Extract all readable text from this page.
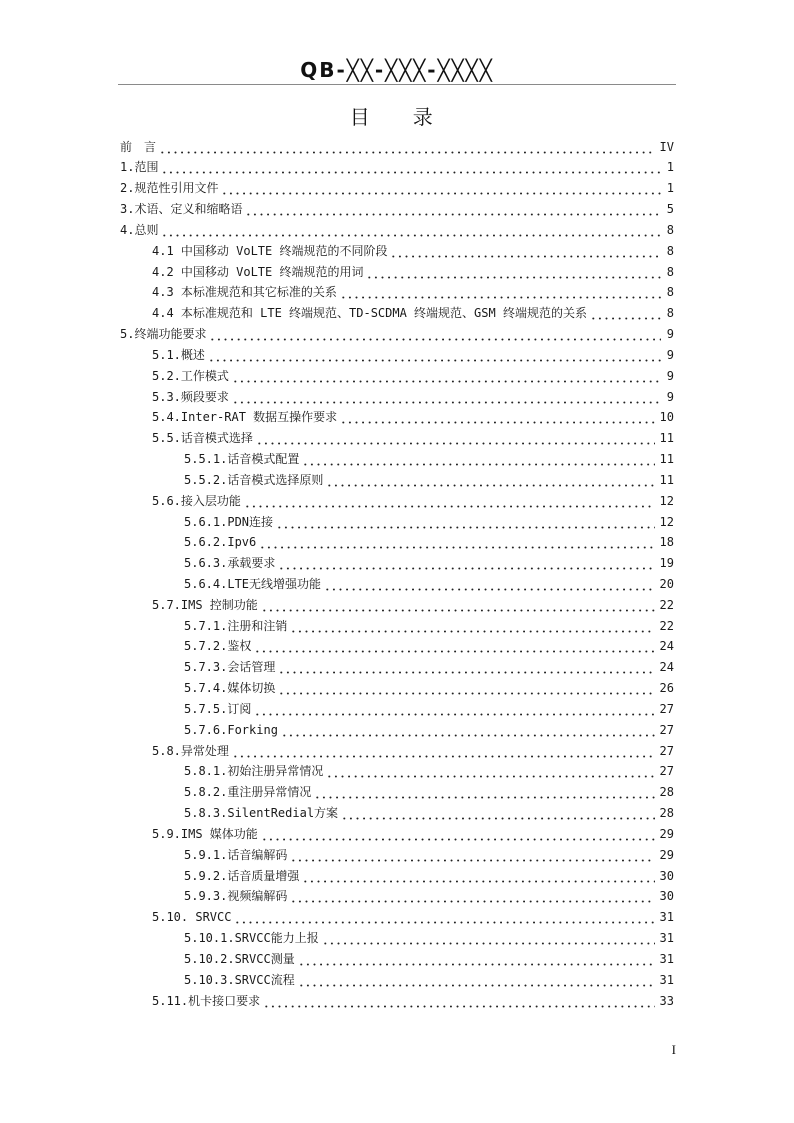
QB-╳╳-╳╳╳-╳╳╳╳
目　录
前　言	IV
1.范围	1
2.规范性引用文件	1
3.术语、定义和缩略语	5
4.总则	8
4.1 中国移动 VoLTE 终端规范的不同阶段	8
4.2 中国移动 VoLTE 终端规范的用词	8
4.3 本标准规范和其它标准的关系	8
4.4 本标准规范和 LTE 终端规范、TD-SCDMA 终端规范、GSM 终端规范的关系	8
5.终端功能要求	9
5.1.概述	9
5.2.工作模式	9
5.3.频段要求	9
5.4.Inter-RAT 数据互操作要求	10
5.5.话音模式选择	11
5.5.1.话音模式配置	11
5.5.2.话音模式选择原则	11
5.6.接入层功能	12
5.6.1.PDN连接	12
5.6.2.Ipv6	18
5.6.3.承载要求	19
5.6.4.LTE无线增强功能	20
5.7.IMS 控制功能	22
5.7.1.注册和注销	22
5.7.2.鉴权	24
5.7.3.会话管理	24
5.7.4.媒体切换	26
5.7.5.订阅	27
5.7.6.Forking	27
5.8.异常处理	27
5.8.1.初始注册异常情况	27
5.8.2.重注册异常情况	28
5.8.3.SilentRedial方案	28
5.9.IMS 媒体功能	29
5.9.1.话音编解码	29
5.9.2.话音质量增强	30
5.9.3.视频编解码	30
5.10. SRVCC	31
5.10.1.SRVCC能力上报	31
5.10.2.SRVCC测量	31
5.10.3.SRVCC流程	31
5.11.机卡接口要求	33
I
